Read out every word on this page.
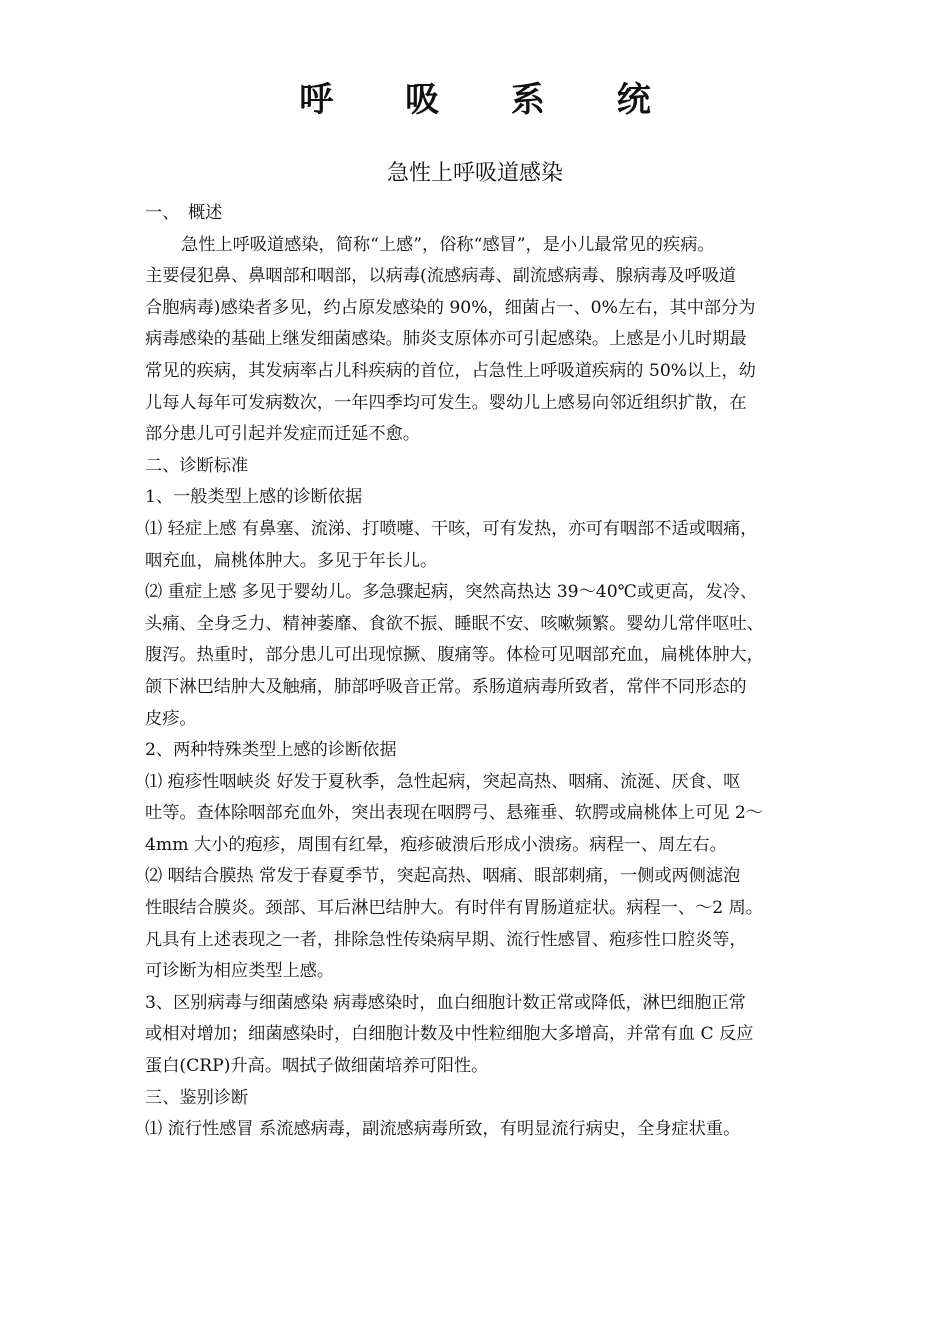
呼 吸 系 统
急性上呼吸道感染
一、　概述
急性上呼吸道感染，简称“上感”，俗称“感冒”，是小儿最常见的疾病。
主要侵犯鼻、鼻咽部和咽部，以病毒(流感病毒、副流感病毒、腺病毒及呼吸道
合胞病毒)感染者多见，约占原发感染的 90%，细菌占一、0%左右，其中部分为
病毒感染的基础上继发细菌感染。肺炎支原体亦可引起感染。上感是小儿时期最
常见的疾病，其发病率占儿科疾病的首位，占急性上呼吸道疾病的 50%以上，幼
儿每人每年可发病数次，一年四季均可发生。婴幼儿上感易向邻近组织扩散，在
部分患儿可引起并发症而迁延不愈。
二、诊断标准
1、一般类型上感的诊断依据
⑴ 轻症上感 有鼻塞、流涕、打喷嚏、干咳，可有发热，亦可有咽部不适或咽痛，
咽充血，扁桃体肿大。多见于年长儿。
⑵ 重症上感 多见于婴幼儿。多急骤起病，突然高热达 39～40℃或更高，发冷、
头痛、全身乏力、精神萎靡、食欲不振、睡眠不安、咳嗽频繁。婴幼儿常伴呕吐、
腹泻。热重时，部分患儿可出现惊撅、腹痛等。体检可见咽部充血，扁桃体肿大，
颌下淋巴结肿大及触痛，肺部呼吸音正常。系肠道病毒所致者，常伴不同形态的
皮疹。
2、两种特殊类型上感的诊断依据
⑴ 疱疹性咽峡炎 好发于夏秋季，急性起病，突起高热、咽痛、流涎、厌食、呕
吐等。查体除咽部充血外，突出表现在咽腭弓、悬雍垂、软腭或扁桃体上可见 2～
4mm 大小的疱疹，周围有红晕，疱疹破溃后形成小溃疡。病程一、周左右。
⑵ 咽结合膜热 常发于春夏季节，突起高热、咽痛、眼部刺痛，一侧或两侧滤泡
性眼结合膜炎。颈部、耳后淋巴结肿大。有时伴有胃肠道症状。病程一、～2 周。
凡具有上述表现之一者，排除急性传染病早期、流行性感冒、疱疹性口腔炎等，
可诊断为相应类型上感。
3、区别病毒与细菌感染 病毒感染时，血白细胞计数正常或降低，淋巴细胞正常
或相对增加；细菌感染时，白细胞计数及中性粒细胞大多增高，并常有血 C 反应
蛋白(CRP)升高。咽拭子做细菌培养可阳性。
三、鉴别诊断
⑴ 流行性感冒 系流感病毒，副流感病毒所致，有明显流行病史，全身症状重。
